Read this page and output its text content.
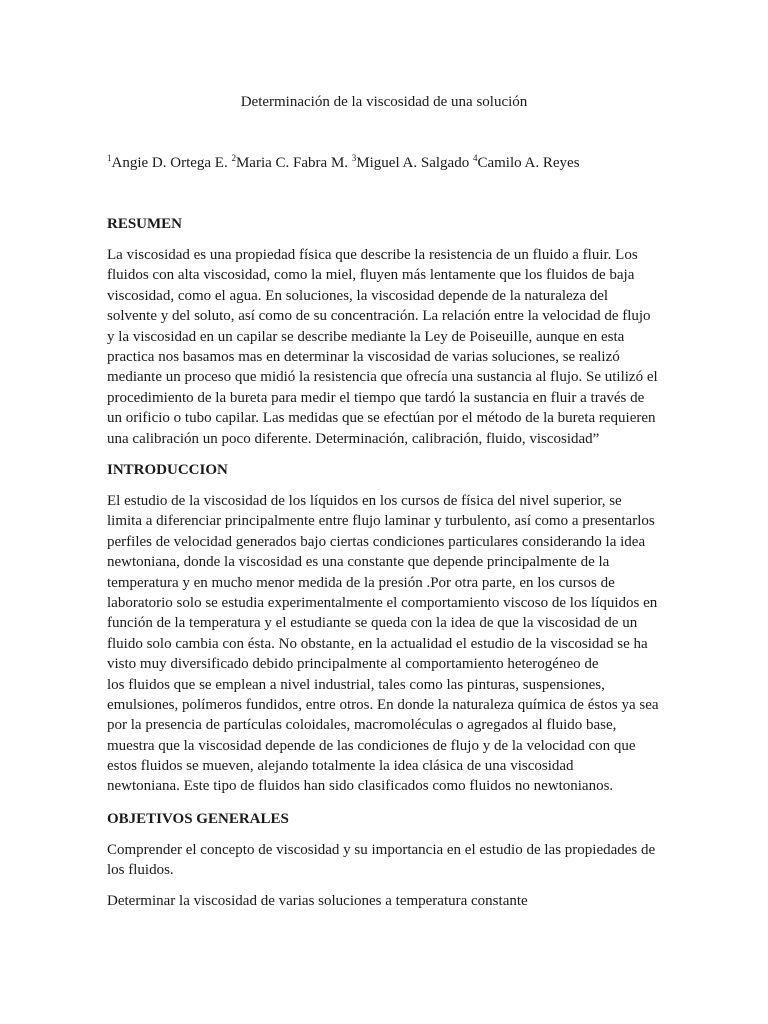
Determinación de la viscosidad de una solución
$^1$Angie D. Ortega E. $^2$Maria C. Fabra M. $^3$Miguel A. Salgado $^4$Camilo A. Reyes
RESUMEN
La viscosidad es una propiedad física que describe la resistencia de un fluido a fluir. Los
fluidos con alta viscosidad, como la miel, fluyen más lentamente que los fluidos de baja
viscosidad, como el agua. En soluciones, la viscosidad depende de la naturaleza del
solvente y del soluto, así como de su concentración. La relación entre la velocidad de flujo
y la viscosidad en un capilar se describe mediante la Ley de Poiseuille, aunque en esta
practica nos basamos mas en determinar la viscosidad de varias soluciones, se realizó
mediante un proceso que midió la resistencia que ofrecía una sustancia al flujo. Se utilizó el
procedimiento de la bureta para medir el tiempo que tardó la sustancia en fluir a través de
un orificio o tubo capilar. Las medidas que se efectúan por el método de la bureta requieren
una calibración un poco diferente. Determinación, calibración, fluido, viscosidad”
INTRODUCCION
El estudio de la viscosidad de los líquidos en los cursos de física del nivel superior, se
limita a diferenciar principalmente entre flujo laminar y turbulento, así como a presentarlos
perfiles de velocidad generados bajo ciertas condiciones particulares considerando la idea
newtoniana, donde la viscosidad es una constante que depende principalmente de la
temperatura y en mucho menor medida de la presión .Por otra parte, en los cursos de
laboratorio solo se estudia experimentalmente el comportamiento viscoso de los líquidos en
función de la temperatura y el estudiante se queda con la idea de que la viscosidad de un
fluido solo cambia con ésta. No obstante, en la actualidad el estudio de la viscosidad se ha
visto muy diversificado debido principalmente al comportamiento heterogéneo de
los fluidos que se emplean a nivel industrial, tales como las pinturas, suspensiones,
emulsiones, polímeros fundidos, entre otros. En donde la naturaleza química de éstos ya sea
por la presencia de partículas coloidales, macromoléculas o agregados al fluido base,
muestra que la viscosidad depende de las condiciones de flujo y de la velocidad con que
estos fluidos se mueven, alejando totalmente la idea clásica de una viscosidad
newtoniana. Este tipo de fluidos han sido clasificados como fluidos no newtonianos.
OBJETIVOS GENERALES
Comprender el concepto de viscosidad y su importancia en el estudio de las propiedades de
los fluidos.
Determinar la viscosidad de varias soluciones a temperatura constante
